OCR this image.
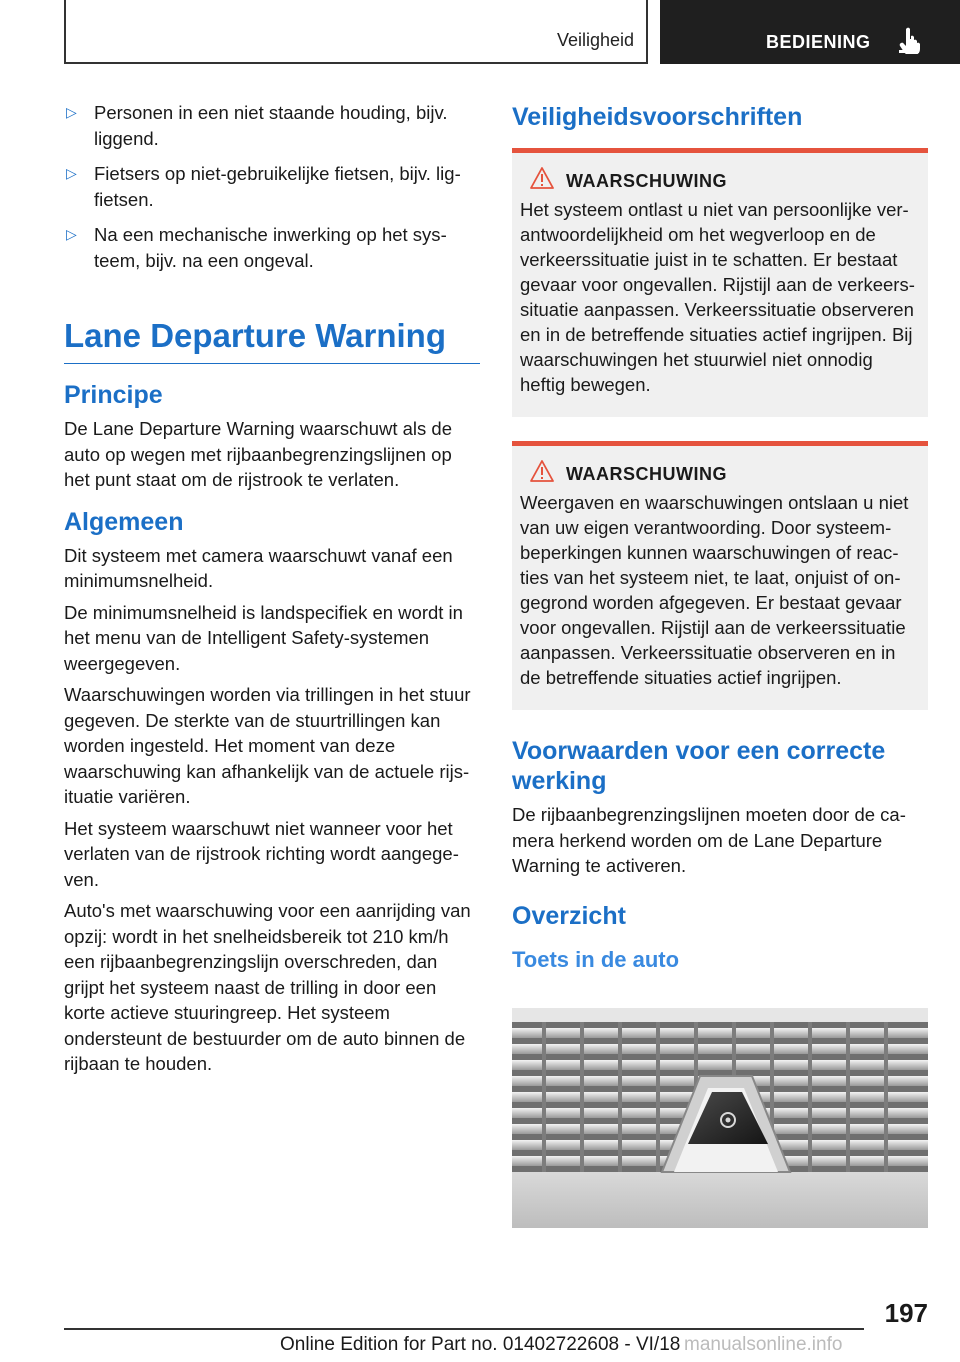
Veiligheid	BEDIENING
▷ Personen in een niet staande houding, bijv. liggend.
▷ Fietsers op niet-gebruikelijke fietsen, bijv. ligfietsen.
▷ Na een mechanische inwerking op het systeem, bijv. na een ongeval.
Lane Departure Warning
Principe

De Lane Departure Warning waarschuwt als de auto op wegen met rijbaanbegrenzingslijnen op het punt staat om de rijstrook te verlaten.

Algemeen

Dit systeem met camera waarschuwt vanaf een minimumsnelheid.

De minimumsnelheid is landspecifiek en wordt in het menu van de Intelligent Safety-systemen weergegeven.

Waarschuwingen worden via trillingen in het stuur gegeven. De sterkte van de stuurtrillingen kan worden ingesteld. Het moment van deze waarschuwing kan afhankelijk van de actuele rijsituatie variëren.

Het systeem waarschuwt niet wanneer voor het verlaten van de rijstrook richting wordt aangegeven.

Auto's met waarschuwing voor een aanrijding van opzij: wordt in het snelheidsbereik tot 210 km/h een rijbaanbegrenzingslijn overschreden, dan grijpt het systeem naast de trilling in door een korte actieve stuuringreep. Het systeem ondersteunt de bestuurder om de auto binnen de rijbaan te houden.

Veiligheidsvoorschriften
WAARSCHUWING

Het systeem ontlast u niet van persoonlijke verantwoordelijkheid om het wegverloop en de verkeerssituatie juist in te schatten. Er bestaat gevaar voor ongevallen. Rijstijl aan de verkeerssituatie aanpassen. Verkeerssituatie observeren en in de betreffende situaties actief ingrijpen. Bij waarschuwingen het stuurwiel niet onnodig heftig bewegen.

WAARSCHUWING

Weergaven en waarschuwingen ontslaan u niet van uw eigen verantwoording. Door systeembeperkingen kunnen waarschuwingen of reacties van het systeem niet, te laat, onjuist of ongegrond worden afgegeven. Er bestaat gevaar voor ongevallen. Rijstijl aan de verkeerssituatie aanpassen. Verkeerssituatie observeren en in de betreffende situaties actief ingrijpen.

Voorwaarden voor een correcte werking

De rijbaanbegrenzingslijnen moeten door de camera herkend worden om de Lane Departure Warning te activeren.

Overzicht
Toets in de auto
197
Online Edition for Part no. 01402722608 - VI/18 manualsonline.info
